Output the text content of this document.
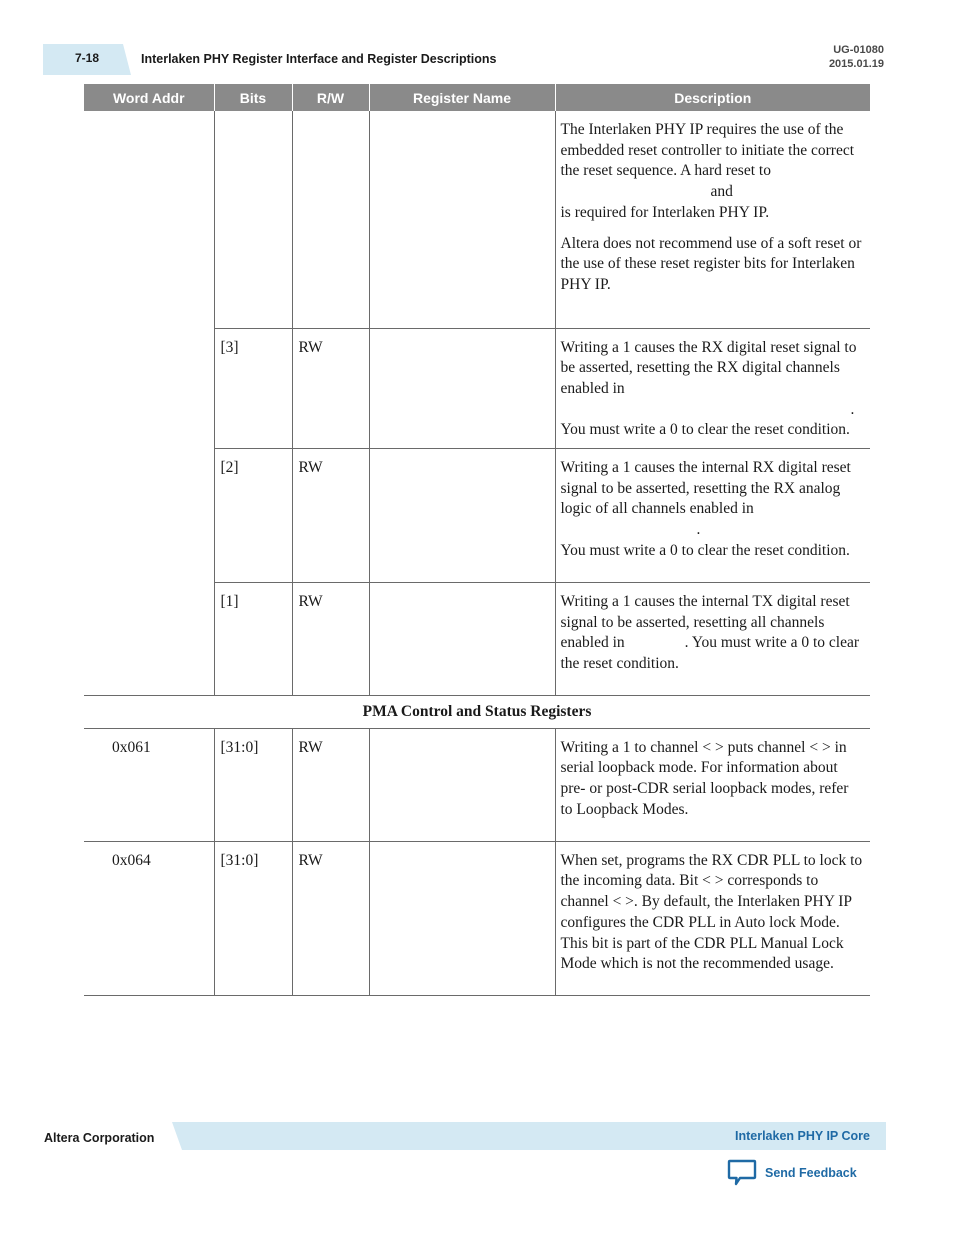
7-18	Interlaken PHY Register Interface and Register Descriptions
UG-01080
2015.01.19
Word Addr	Bits	R/W	Register Name	Description

				The Interlaken PHY IP requires the use of the embedded reset controller to initiate the correct the reset sequence. A hard reset toandis required for Interlaken PHY IP.

Altera does not recommend use of a soft reset or the use of these reset register bits for Interlaken PHY IP.

	[3]	RW		Writing a 1 causes the RX digital reset signal to be asserted, resetting the RX digital channels enabled in. You must write a 0 to clear the reset condition.
	[2]	RW		Writing a 1 causes the internal RX digital reset signal to be asserted, resetting the RX analog logic of all channels enabled in.
You must write a 0 to clear the reset condition.
	[1]	RW		Writing a 1 causes the internal TX digital reset signal to be asserted, resetting all channels enabled in . You must write a 0 to clear the reset condition.
PMA Control and Status Registers				
0x061	[31:0]	RW		Writing a 1 to channel < > puts channel < > in serial loopback mode. For information about pre- or post-CDR serial loopback modes, refer to Loopback Modes.
0x064	[31:0]	RW		When set, programs the RX CDR PLL to lock to the incoming data. Bit < > corresponds to channel < >. By default, the Interlaken PHY IP configures the CDR PLL in Auto lock Mode. This bit is part of the CDR PLL Manual Lock Mode which is not the recommended usage.
Altera Corporation	Interlaken PHY IP Core
Send Feedback
